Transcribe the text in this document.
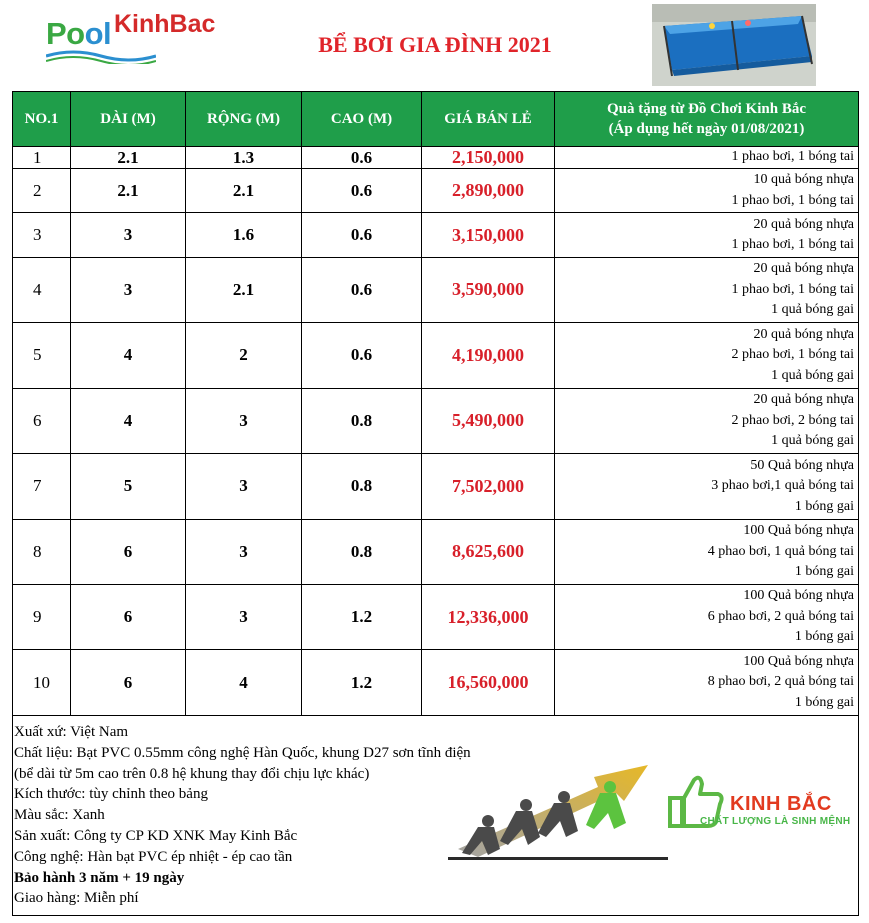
Pool KinhBac
BỂ BƠI GIA ĐÌNH 2021
NO.1	DÀI (M)	RỘNG (M)	CAO (M)	GIÁ BÁN LẺ	Quà tặng từ Đồ Chơi Kinh Bắc
(Áp dụng hết ngày 01/08/2021)

1	2.1	1.3	0.6	2,150,000	1 phao bơi, 1 bóng tai

2	2.1	2.1	0.6	2,890,000	10 quả bóng nhựa
1 phao bơi, 1 bóng tai

3	3	1.6	0.6	3,150,000	20 quả bóng nhựa
1 phao bơi, 1 bóng tai

4	3	2.1	0.6	3,590,000	20 quả bóng nhựa
1 phao bơi, 1 bóng tai
1 quả bóng gai

5	4	2	0.6	4,190,000	20 quả bóng nhựa
2 phao bơi, 1 bóng tai
1 quả bóng gai

6	4	3	0.8	5,490,000	20 quả bóng nhựa
2 phao bơi, 2 bóng tai
1 quả bóng gai

7	5	3	0.8	7,502,000	50 Quả bóng nhựa
3 phao bơi,1 quả bóng tai
1 bóng gai

8	6	3	0.8	8,625,600	100 Quả bóng nhựa
4 phao bơi, 1 quả bóng tai
1 bóng gai

9	6	3	1.2	12,336,000	100 Quả bóng nhựa
6 phao bơi, 2 quả bóng tai
1 bóng gai

10	6	4	1.2	16,560,000	100 Quả bóng nhựa
8 phao bơi, 2 quả bóng tai
1 bóng gai
Xuất xứ: Việt Nam
Chất liệu: Bạt PVC 0.55mm công nghệ Hàn Quốc, khung D27 sơn tĩnh điện
(bể dài từ 5m cao trên 0.8 hệ khung thay đổi chịu lực khác)
Kích thước: tùy chỉnh theo bảng
Màu sắc: Xanh
Sản xuất: Công ty CP KD XNK May Kinh Bắc
Công nghệ: Hàn bạt PVC ép nhiệt - ép cao tần
Bảo hành 3 năm + 19 ngày
Giao hàng: Miễn phí
KINH BẮC
CHẤT LƯỢNG LÀ SINH MỆNH
